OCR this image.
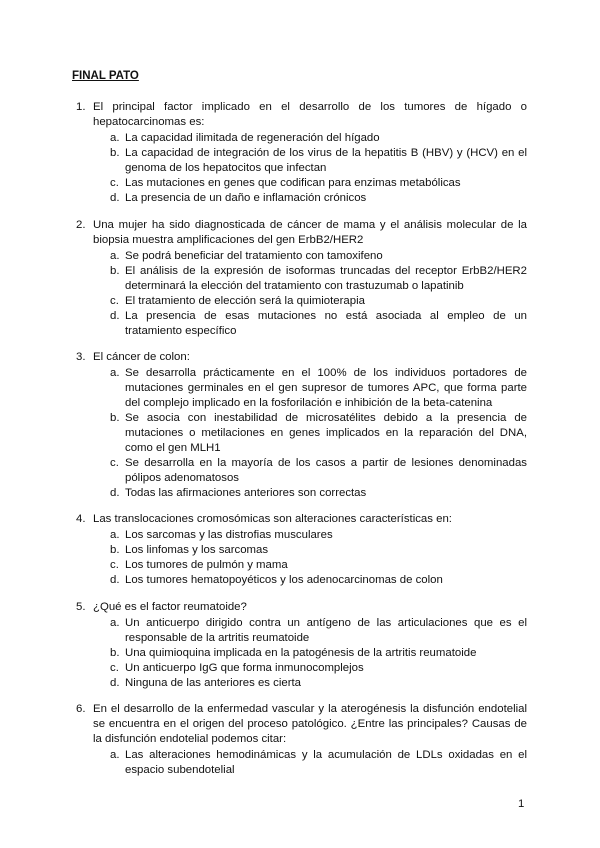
FINAL PATO
1. El principal factor implicado en el desarrollo de los tumores de hígado o hepatocarcinomas es:
a. La capacidad ilimitada de regeneración del hígado
b. La capacidad de integración de los virus de la hepatitis B (HBV) y (HCV) en el genoma de los hepatocitos que infectan
c. Las mutaciones en genes que codifican para enzimas metabólicas
d. La presencia de un daño e inflamación crónicos
2. Una mujer ha sido diagnosticada de cáncer de mama y el análisis molecular de la biopsia muestra amplificaciones del gen ErbB2/HER2
a. Se podrá beneficiar del tratamiento con tamoxifeno
b. El análisis de la expresión de isoformas truncadas del receptor ErbB2/HER2 determinará la elección del tratamiento con trastuzumab o lapatinib
c. El tratamiento de elección será la quimioterapia
d. La presencia de esas mutaciones no está asociada al empleo de un tratamiento específico
3. El cáncer de colon:
a. Se desarrolla prácticamente en el 100% de los individuos portadores de mutaciones germinales en el gen supresor de tumores APC, que forma parte del complejo implicado en la fosforilación e inhibición de la beta-catenina
b. Se asocia con inestabilidad de microsatélites debido a la presencia de mutaciones o metilaciones en genes implicados en la reparación del DNA, como el gen MLH1
c. Se desarrolla en la mayoría de los casos a partir de lesiones denominadas pólipos adenomatosos
d. Todas las afirmaciones anteriores son correctas
4. Las translocaciones cromosómicas son alteraciones características en:
a. Los sarcomas y las distrofias musculares
b. Los linfomas y los sarcomas
c. Los tumores de pulmón y mama
d. Los tumores hematopoyéticos y los adenocarcinomas de colon
5. ¿Qué es el factor reumatoide?
a. Un anticuerpo dirigido contra un antígeno de las articulaciones que es el responsable de la artritis reumatoide
b. Una quimioquina implicada en la patogénesis de la artritis reumatoide
c. Un anticuerpo IgG que forma inmunocomplejos
d. Ninguna de las anteriores es cierta
6. En el desarrollo de la enfermedad vascular y la aterogénesis la disfunción endotelial se encuentra en el origen del proceso patológico. ¿Entre las principales? Causas de la disfunción endotelial podemos citar:
a. Las alteraciones hemodinámicas y la acumulación de LDLs oxidadas en el espacio subendotelial
1
